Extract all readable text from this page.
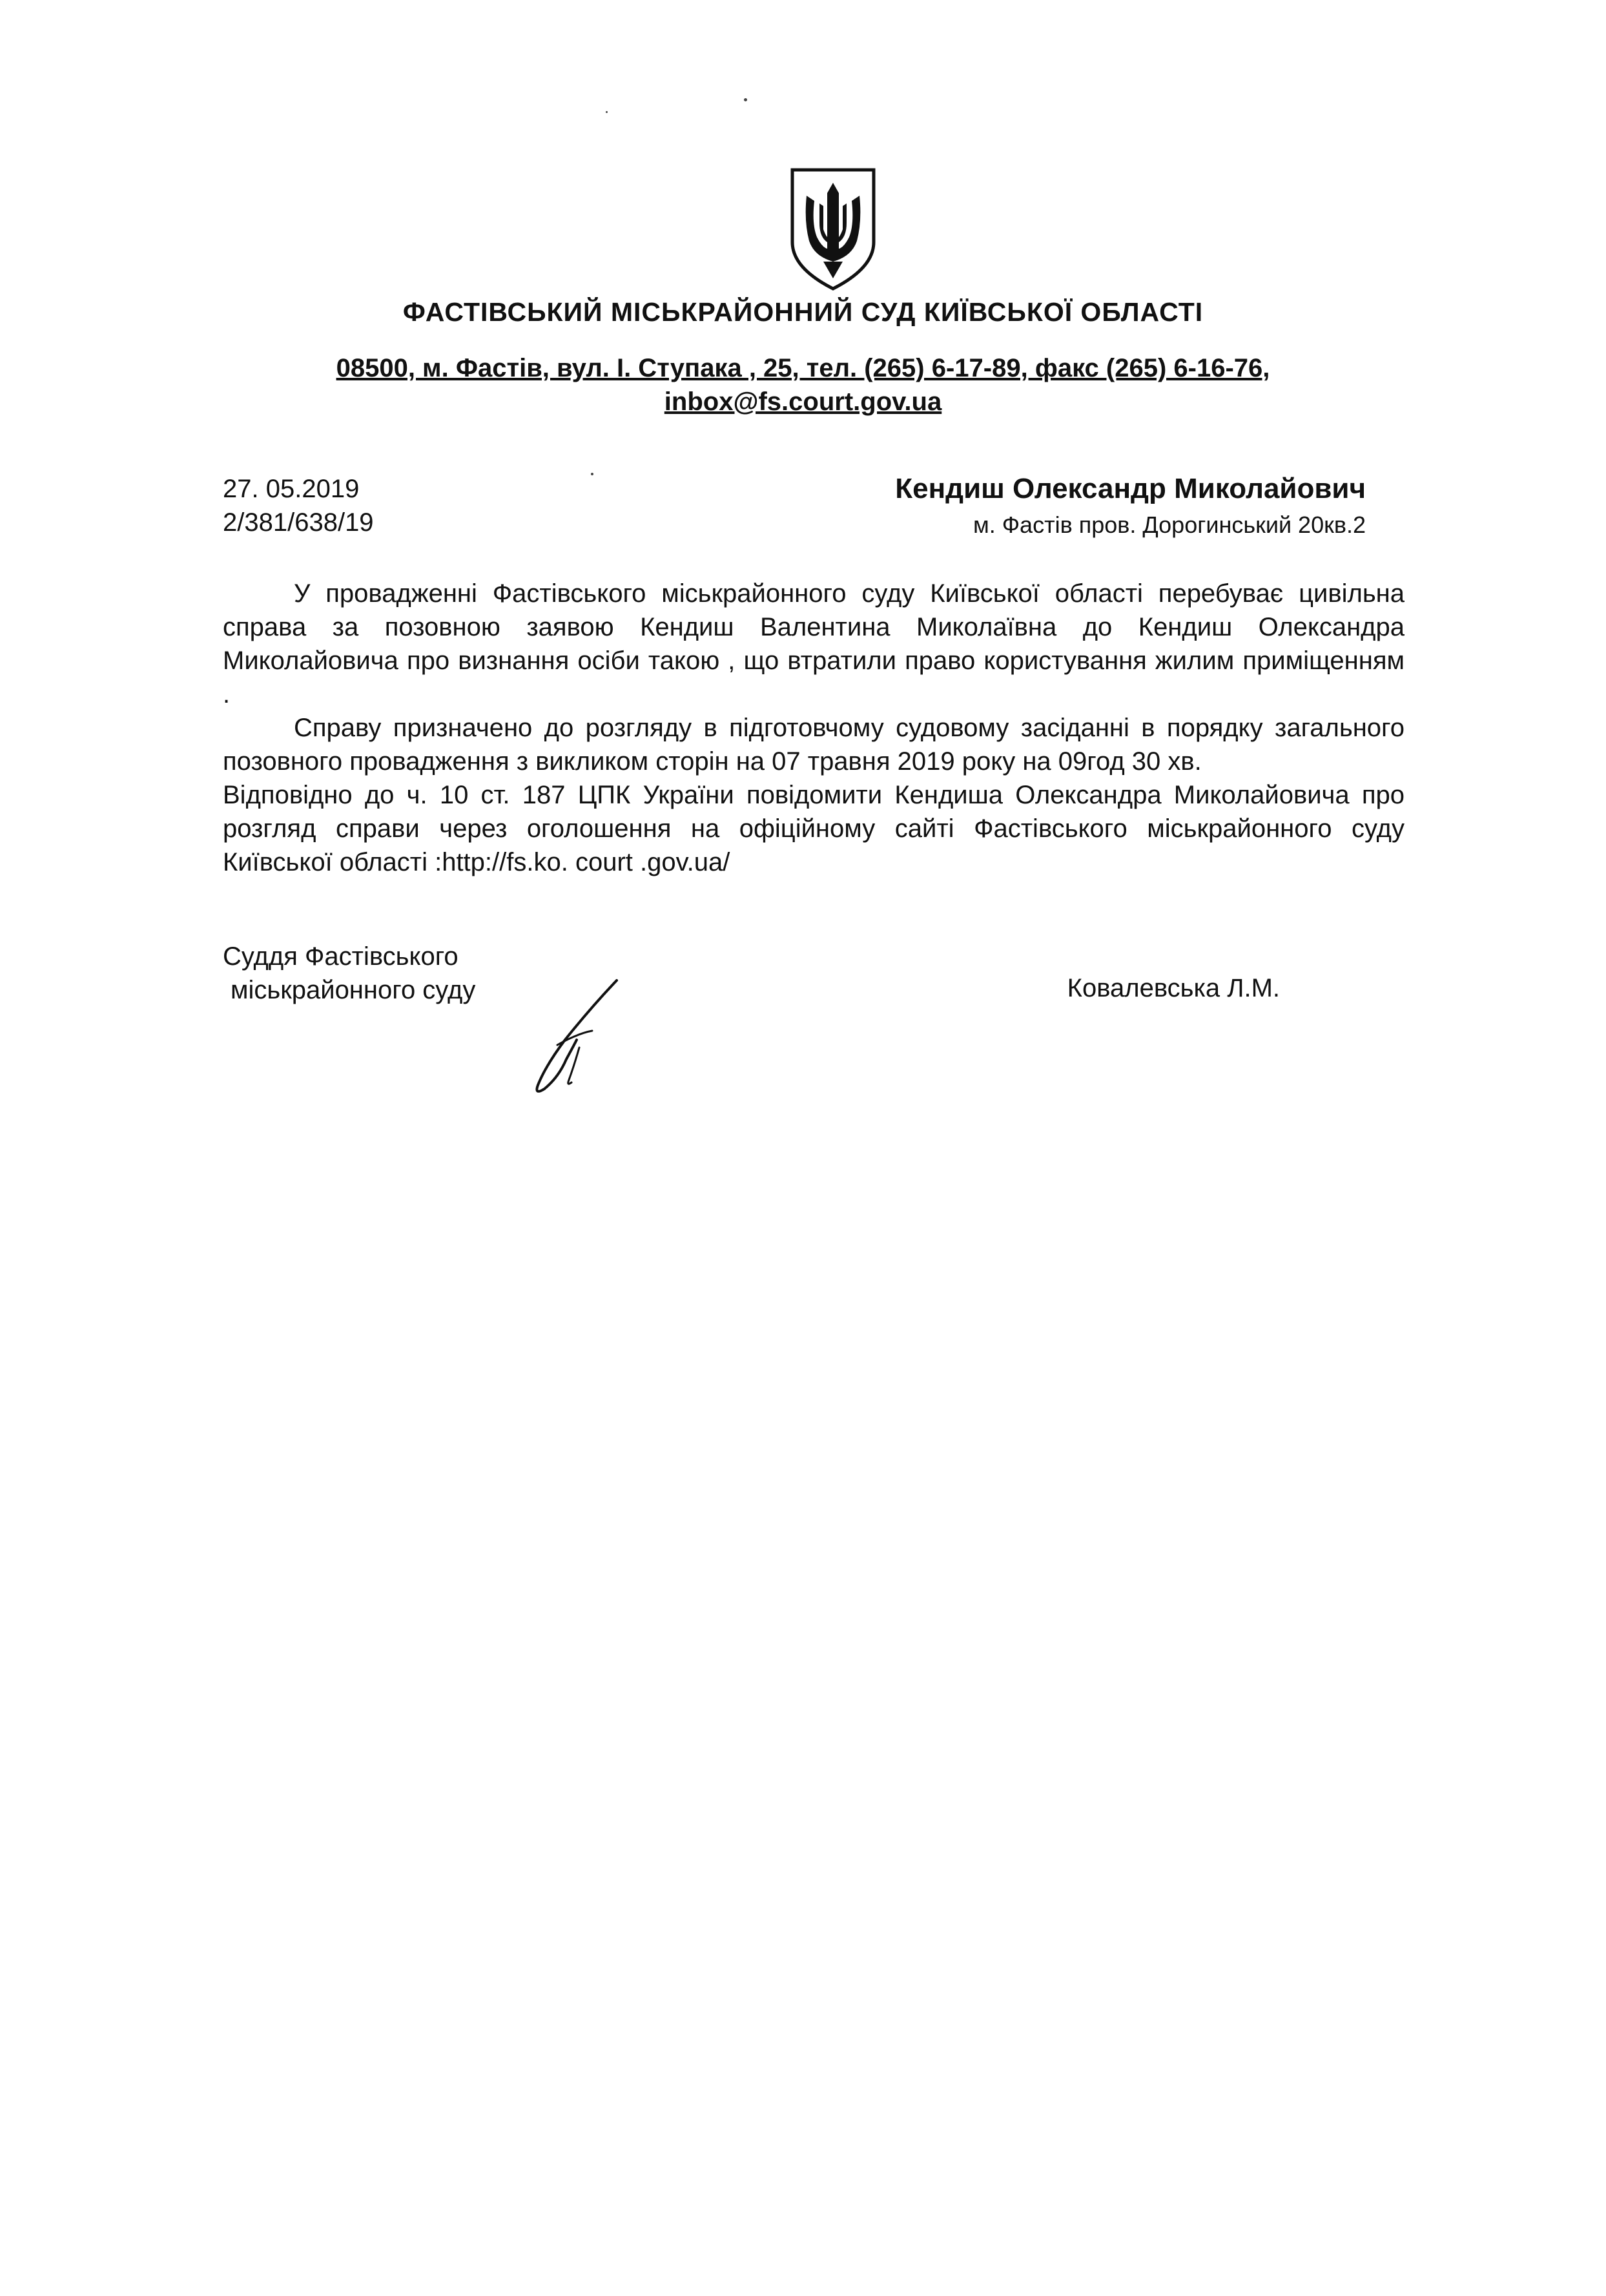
ФАСТІВСЬКИЙ МІСЬКРАЙОННИЙ СУД КИЇВСЬКОЇ ОБЛАСТІ
08500, м. Фастів, вул. І. Ступака , 25, тел. (265) 6-17-89, факс (265) 6-16-76,
inbox@fs.court.gov.ua
27. 05.2019
2/381/638/19
Кендиш Олександр Миколайович
м. Фастів пров. Дорогинський 20кв.2

У провадженні Фастівського міськрайонного суду Київської області перебуває цивільна справа за позовною заявою Кендиш Валентина Миколаївна до Кендиш Олександра Миколайовича про визнання осіби такою , що втратили право користування жилим приміщенням .

Справу призначено до розгляду в підготовчому судовому засіданні в порядку загального позовного провадження з викликом сторін на 07 травня 2019 року на 09год 30 хв.

Відповідно до ч. 10 ст. 187 ЦПК України повідомити Кендиша Олександра Миколайовича про розгляд справи через оголошення на офіційному сайті Фастівського міськрайонного суду Київської області :http://fs.ko. court .gov.ua/

Суддя Фастівського
міськрайонного суду	Ковалевська Л.М.
